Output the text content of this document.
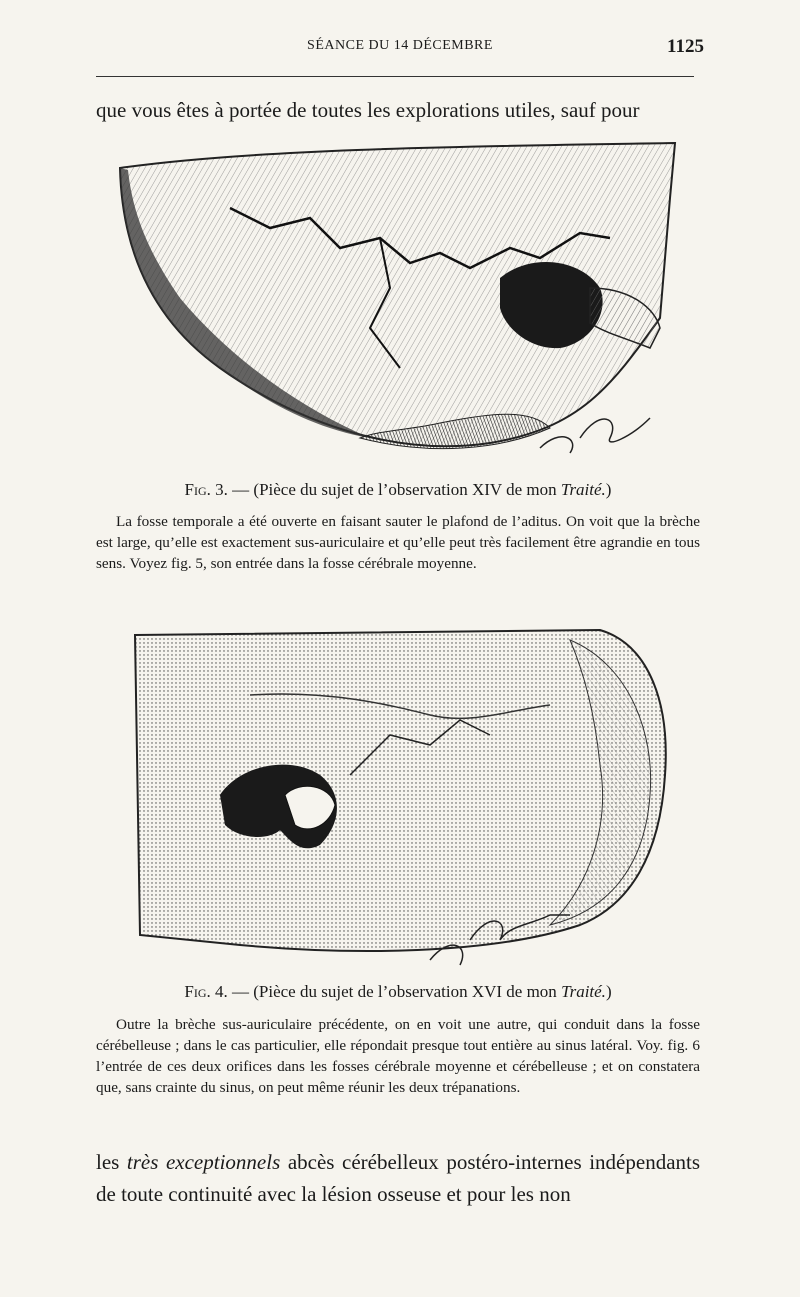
SÉANCE DU 14 DÉCEMBRE	1125

que vous êtes à portée de toutes les explorations utiles, sauf pour

Fig. 3. — (Pièce du sujet de l’observation XIV de mon Traité.)

La fosse temporale a été ouverte en faisant sauter le plafond de l’aditus. On voit que la brèche est large, qu’elle est exactement sus-auriculaire et qu’elle peut très facilement être agrandie en tous sens. Voyez fig. 5, son entrée dans la fosse cérébrale moyenne.

Fig. 4. — (Pièce du sujet de l’observation XVI de mon Traité.)

Outre la brèche sus-auriculaire précédente, on en voit une autre, qui conduit dans la fosse cérébelleuse ; dans le cas particulier, elle répondait presque tout entière au sinus latéral. Voy. fig. 6 l’entrée de ces deux orifices dans les fosses cérébrale moyenne et cérébelleuse ; et on constatera que, sans crainte du sinus, on peut même réunir les deux trépanations.

les très exceptionnels abcès cérébelleux postéro-internes indépendants de toute continuité avec la lésion osseuse et pour les non
